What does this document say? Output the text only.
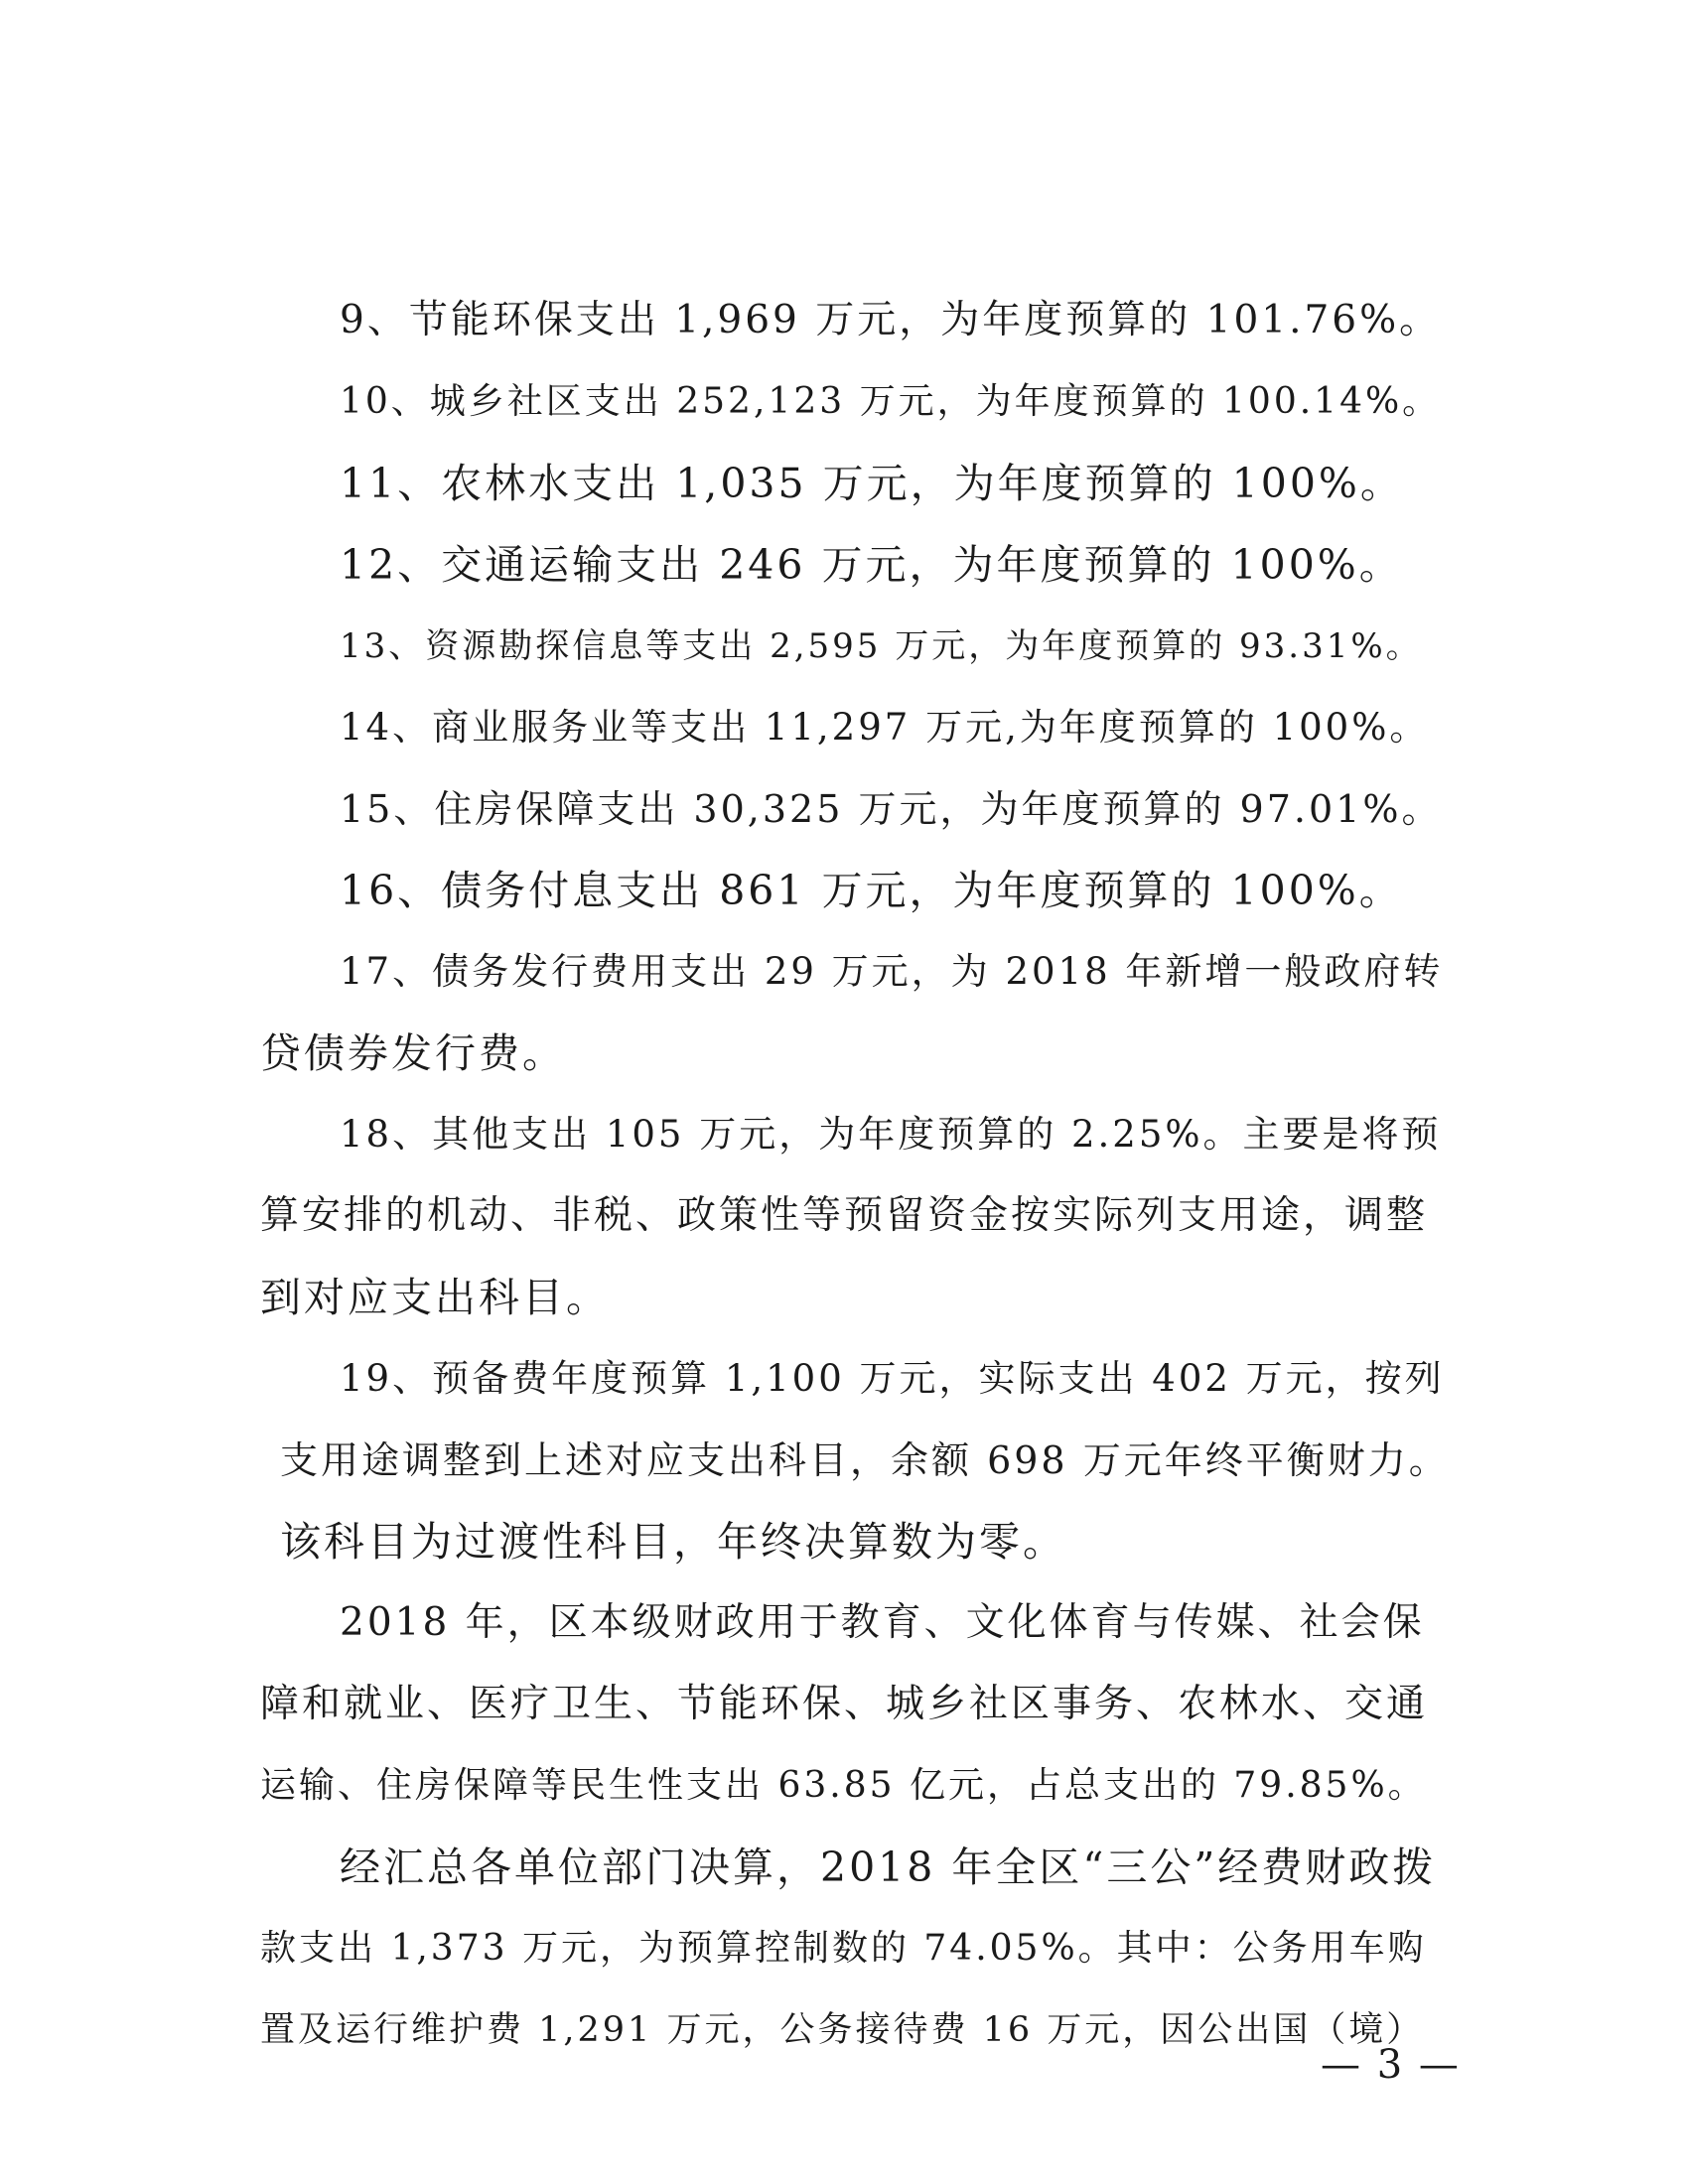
9、节能环保支出 1,969 万元，为年度预算的 101.76%。
10、城乡社区支出 252,123 万元，为年度预算的 100.14%。
11、农林水支出 1,035 万元，为年度预算的 100%。
12、交通运输支出 246 万元，为年度预算的 100%。
13、资源勘探信息等支出 2,595 万元，为年度预算的 93.31%。
14、商业服务业等支出 11,297 万元,为年度预算的 100%。
15、住房保障支出 30,325 万元，为年度预算的 97.01%。
16、债务付息支出 861 万元，为年度预算的 100%。
17、债务发行费用支出 29 万元，为 2018 年新增一般政府转
贷债券发行费。
18、其他支出 105 万元，为年度预算的 2.25%。主要是将预
算安排的机动、非税、政策性等预留资金按实际列支用途，调整
到对应支出科目。
19、预备费年度预算 1,100 万元，实际支出 402 万元，按列
支用途调整到上述对应支出科目，余额 698 万元年终平衡财力。
该科目为过渡性科目，年终决算数为零。
2018 年，区本级财政用于教育、文化体育与传媒、社会保
障和就业、医疗卫生、节能环保、城乡社区事务、农林水、交通
运输、住房保障等民生性支出 63.85 亿元，占总支出的 79.85%。
经汇总各单位部门决算，2018 年全区“三公”经费财政拨
款支出 1,373 万元，为预算控制数的 74.05%。其中：公务用车购
置及运行维护费 1,291 万元，公务接待费 16 万元，因公出国（境）
— 3 —
